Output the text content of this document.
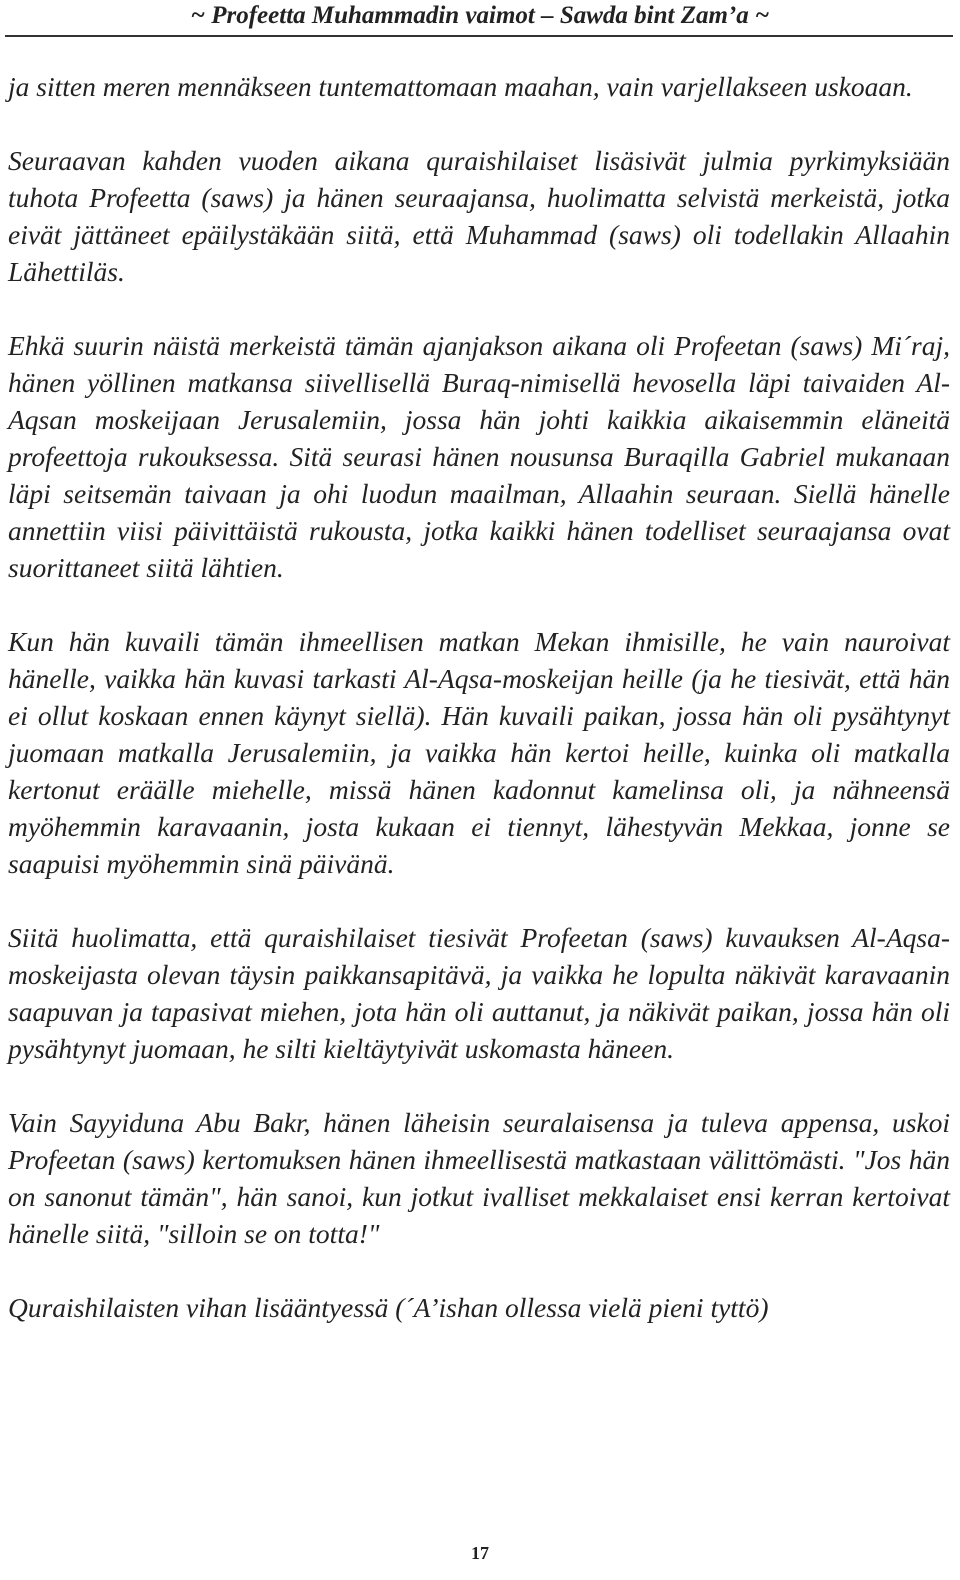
~ Profeetta Muhammadin vaimot – Sawda bint Zam’a ~

ja sitten meren mennäkseen tuntemattomaan maahan, vain varjellakseen uskoaan.

Seuraavan kahden vuoden aikana quraishilaiset lisäsivät julmia pyrkimyksiään tuhota Profeetta (saws) ja hänen seuraajansa, huolimatta selvistä merkeistä, jotka eivät jättäneet epäilystäkään siitä, että Muhammad (saws) oli todellakin Allaahin Lähettiläs.

Ehkä suurin näistä merkeistä tämän ajanjakson aikana oli Profeetan (saws) Mi´raj, hänen yöllinen matkansa siivellisellä Buraq-nimisellä hevosella läpi taivaiden Al-Aqsan moskeijaan Jerusalemiin, jossa hän johti kaikkia aikaisemmin eläneitä profeettoja rukouksessa. Sitä seurasi hänen nousunsa Buraqilla Gabriel mukanaan läpi seitsemän taivaan ja ohi luodun maailman, Allaahin seuraan. Siellä hänelle annettiin viisi päivittäistä rukousta, jotka kaikki hänen todelliset seuraajansa ovat suorittaneet siitä lähtien.

Kun hän kuvaili tämän ihmeellisen matkan Mekan ihmisille, he vain nauroivat hänelle, vaikka hän kuvasi tarkasti Al-Aqsa-moskeijan heille (ja he tiesivät, että hän ei ollut koskaan ennen käynyt siellä). Hän kuvaili paikan, jossa hän oli pysähtynyt juomaan matkalla Jerusalemiin, ja vaikka hän kertoi heille, kuinka oli matkalla kertonut eräälle miehelle, missä hänen kadonnut kamelinsa oli, ja nähneensä myöhemmin karavaanin, josta kukaan ei tiennyt, lähestyvän Mekkaa, jonne se saapuisi myöhemmin sinä päivänä.

Siitä huolimatta, että quraishilaiset tiesivät Profeetan (saws) kuvauksen Al-Aqsa-moskeijasta olevan täysin paikkansapitävä, ja vaikka he lopulta näkivät karavaanin saapuvan ja tapasivat miehen, jota hän oli auttanut, ja näkivät paikan, jossa hän oli pysähtynyt juomaan, he silti kieltäytyivät uskomasta häneen.

Vain Sayyiduna Abu Bakr, hänen läheisin seuralaisensa ja tuleva appensa, uskoi Profeetan (saws) kertomuksen hänen ihmeellisestä matkastaan välittömästi. "Jos hän on sanonut tämän", hän sanoi, kun jotkut ivalliset mekkalaiset ensi kerran kertoivat hänelle siitä, "silloin se on totta!"

Quraishilaisten vihan lisääntyessä (´A’ishan ollessa vielä pieni tyttö)

17
